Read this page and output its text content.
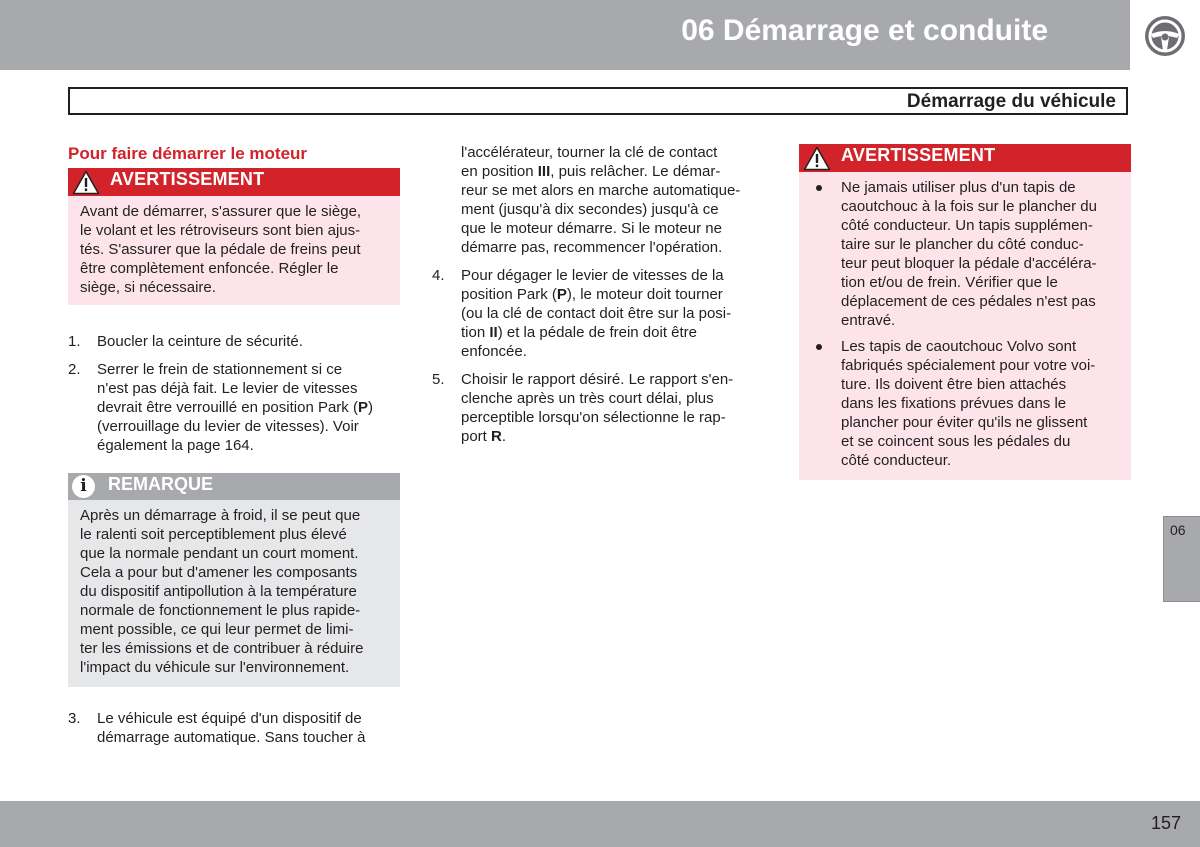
06 Démarrage et conduite
Démarrage du véhicule
Pour faire démarrer le moteur
AVERTISSEMENT
Avant de démarrer, s'assurer que le siège,
le volant et les rétroviseurs sont bien ajus-
tés. S'assurer que la pédale de freins peut
être complètement enfoncée. Régler le
siège, si nécessaire.
1. Boucler la ceinture de sécurité.
2. Serrer le frein de stationnement si ce
n'est pas déjà fait. Le levier de vitesses
devrait être verrouillé en position Park (P)
(verrouillage du levier de vitesses). Voir
également la page 164.
i	REMARQUE
Après un démarrage à froid, il se peut que
le ralenti soit perceptiblement plus élevé
que la normale pendant un court moment.
Cela a pour but d'amener les composants
du dispositif antipollution à la température
normale de fonctionnement le plus rapide-
ment possible, ce qui leur permet de limi-
ter les émissions et de contribuer à réduire
l'impact du véhicule sur l'environnement.
3. Le véhicule est équipé d'un dispositif de
démarrage automatique. Sans toucher à
l'accélérateur, tourner la clé de contact
en position III, puis relâcher. Le démar-
reur se met alors en marche automatique-
ment (jusqu'à dix secondes) jusqu'à ce
que le moteur démarre. Si le moteur ne
démarre pas, recommencer l'opération.
4. Pour dégager le levier de vitesses de la
position Park (P), le moteur doit tourner
(ou la clé de contact doit être sur la posi-
tion II) et la pédale de frein doit être
enfoncée.
5. Choisir le rapport désiré. Le rapport s'en-
clenche après un très court délai, plus
perceptible lorsqu'on sélectionne le rap-
port R.
AVERTISSEMENT
Ne jamais utiliser plus d'un tapis de
caoutchouc à la fois sur le plancher du
côté conducteur. Un tapis supplémen-
taire sur le plancher du côté conduc-
teur peut bloquer la pédale d'accéléra-
tion et/ou de frein. Vérifier que le
déplacement de ces pédales n'est pas
entravé.
Les tapis de caoutchouc Volvo sont
fabriqués spécialement pour votre voi-
ture. Ils doivent être bien attachés
dans les fixations prévues dans le
plancher pour éviter qu'ils ne glissent
et se coincent sous les pédales du
côté conducteur.
06
157
